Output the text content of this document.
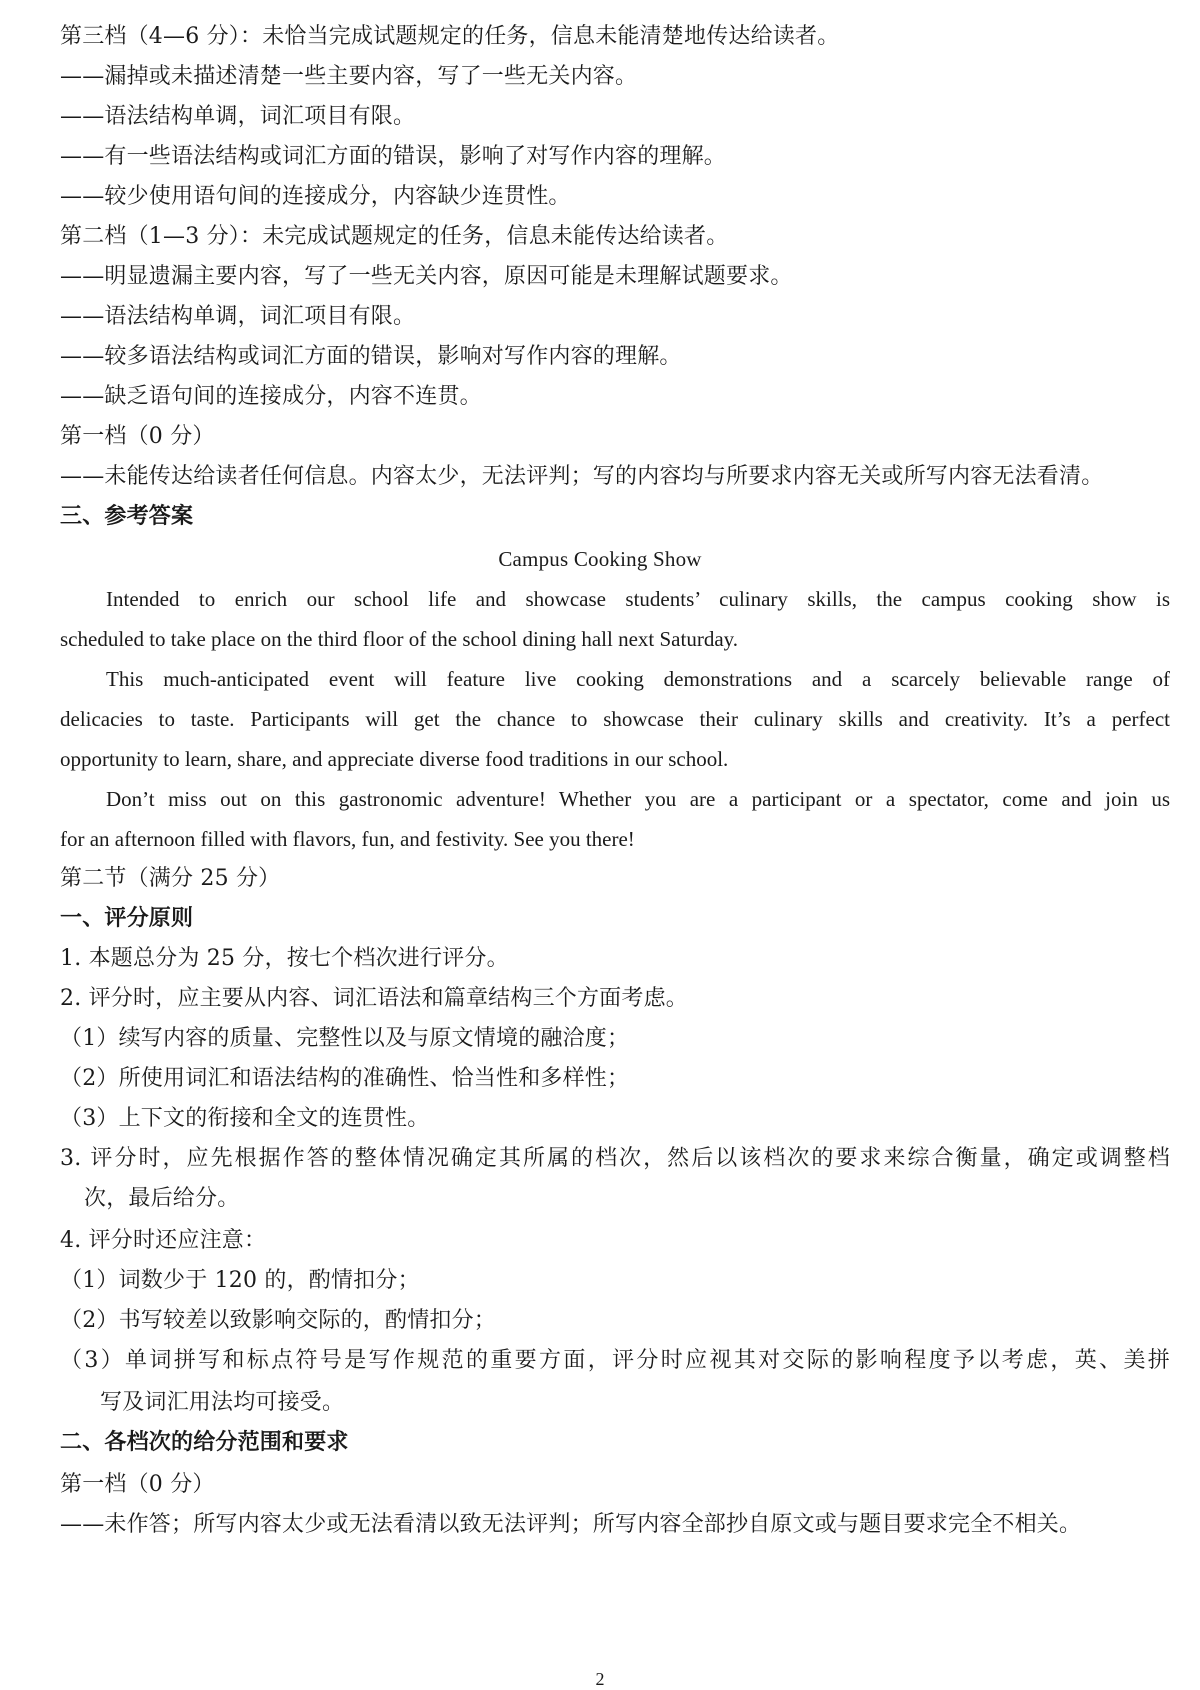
第三档（4—6 分）：未恰当完成试题规定的任务，信息未能清楚地传达给读者。
——漏掉或未描述清楚一些主要内容，写了一些无关内容。
——语法结构单调，词汇项目有限。
——有一些语法结构或词汇方面的错误，影响了对写作内容的理解。
——较少使用语句间的连接成分，内容缺少连贯性。
第二档（1—3 分）：未完成试题规定的任务，信息未能传达给读者。
——明显遗漏主要内容，写了一些无关内容，原因可能是未理解试题要求。
——语法结构单调，词汇项目有限。
——较多语法结构或词汇方面的错误，影响对写作内容的理解。
——缺乏语句间的连接成分，内容不连贯。
第一档（0 分）
——未能传达给读者任何信息。内容太少，无法评判；写的内容均与所要求内容无关或所写内容无法看清。
三、参考答案
Campus Cooking Show
Intended to enrich our school life and showcase students’ culinary skills, the campus cooking show is
scheduled to take place on the third floor of the school dining hall next Saturday.
This much-anticipated event will feature live cooking demonstrations and a scarcely believable range of
delicacies to taste. Participants will get the chance to showcase their culinary skills and creativity. It’s a perfect
opportunity to learn, share, and appreciate diverse food traditions in our school.
Don’t miss out on this gastronomic adventure! Whether you are a participant or a spectator, come and join us
for an afternoon filled with flavors, fun, and festivity. See you there!
第二节（满分 25 分）
一、评分原则
1. 本题总分为 25 分，按七个档次进行评分。
2. 评分时，应主要从内容、词汇语法和篇章结构三个方面考虑。
（1）续写内容的质量、完整性以及与原文情境的融洽度；
（2）所使用词汇和语法结构的准确性、恰当性和多样性；
（3）上下文的衔接和全文的连贯性。
3. 评分时，应先根据作答的整体情况确定其所属的档次，然后以该档次的要求来综合衡量，确定或调整档
次，最后给分。
4. 评分时还应注意：
（1）词数少于 120 的，酌情扣分；
（2）书写较差以致影响交际的，酌情扣分；
（3）单词拼写和标点符号是写作规范的重要方面，评分时应视其对交际的影响程度予以考虑，英、美拼
写及词汇用法均可接受。
二、各档次的给分范围和要求
第一档（0 分）
——未作答；所写内容太少或无法看清以致无法评判；所写内容全部抄自原文或与题目要求完全不相关。
2
